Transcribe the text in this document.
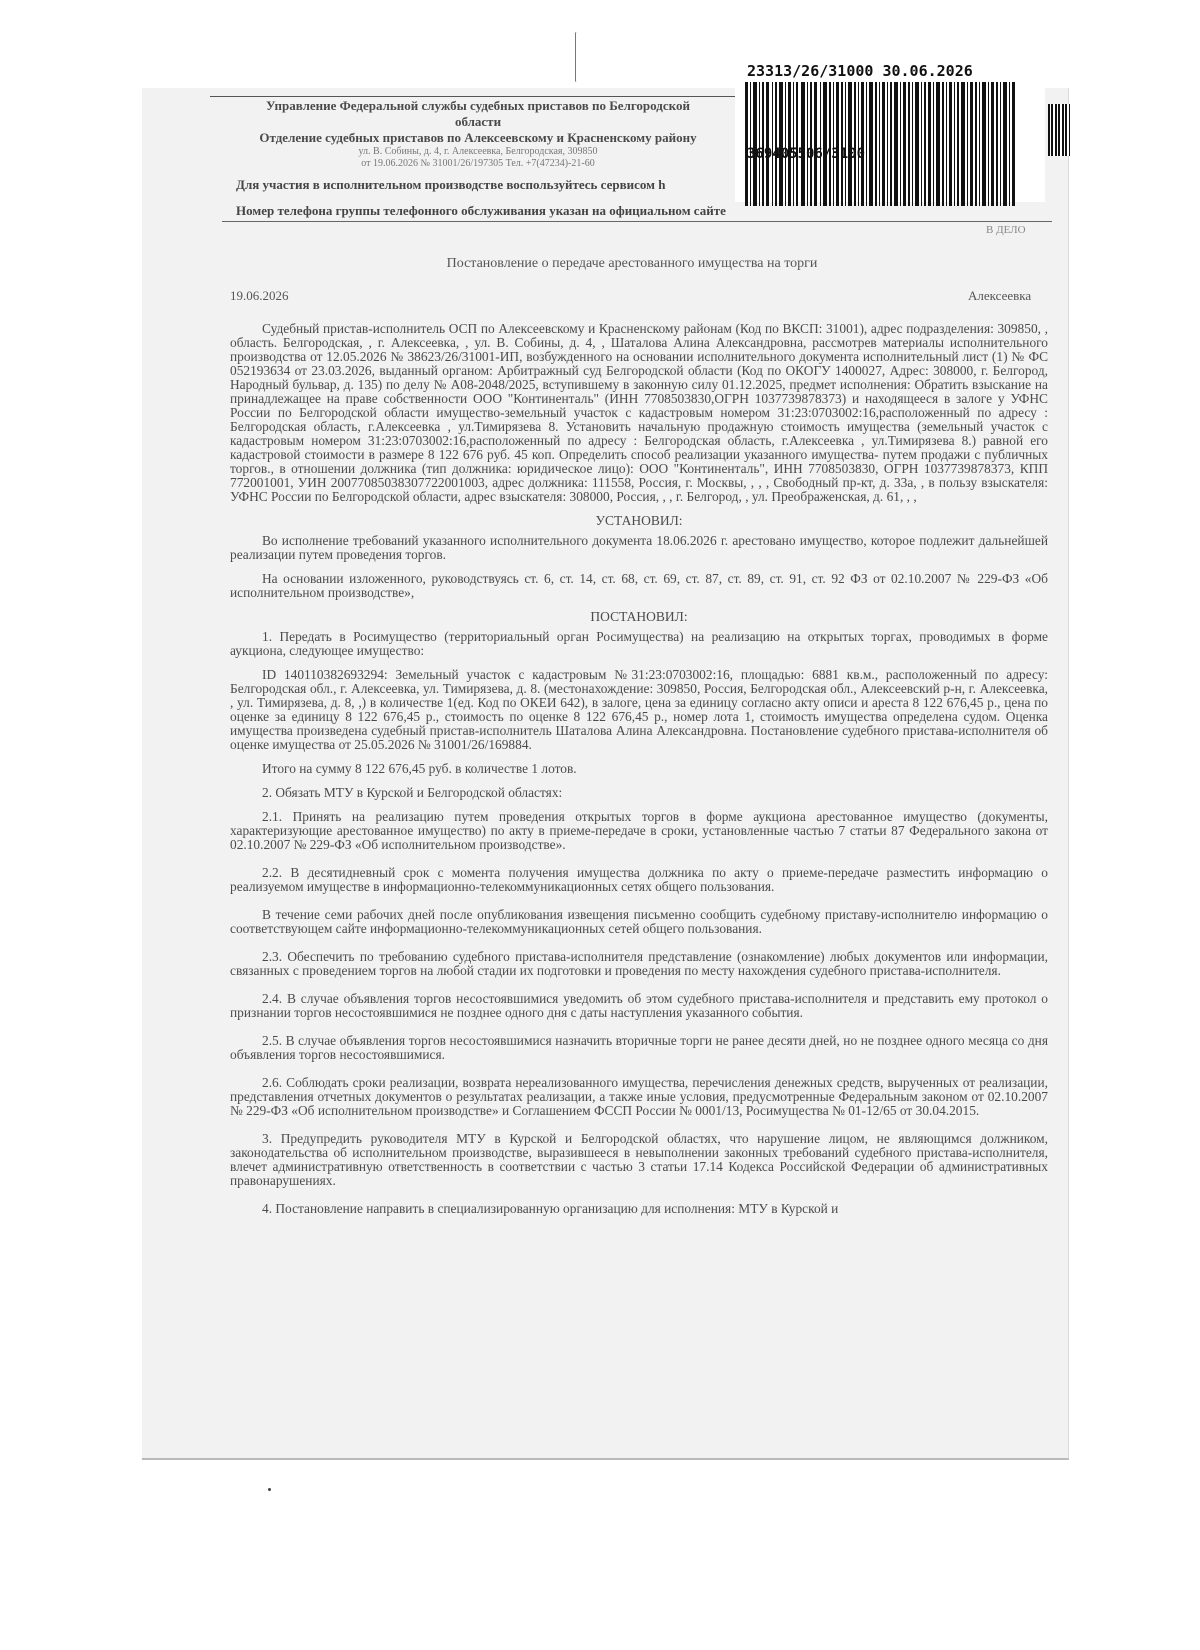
Управление Федеральной службы судебных приставов по Белгородской
области
Отделение судебных приставов по Алексеевскому и Красненскому району
ул. В. Собины, д. 4, г. Алексеевка, Белгородская, 309850
от 19.06.2026 № 31001/26/197305 Тел. +7(47234)-21-60
Для участия в исполнительном производстве воспользуйтесь сервисом h
Номер телефона группы телефонного обслуживания указан на официальном сайте
23313/26/31000 30.06.2026
369405506/3100
В ДЕЛО
Постановление о передаче арестованного имущества на торги
19.06.2026	Алексеевка

Судебный пристав-исполнитель ОСП по Алексеевскому и Красненскому районам (Код по ВКСП: 31001), адрес подразделения: 309850, , область. Белгородская, , г. Алексеевка, , ул. В. Собины, д. 4, , Шаталова Алина Александровна, рассмотрев материалы исполнительного производства от 12.05.2026 № 38623/26/31001-ИП, возбужденного на основании исполнительного документа исполнительный лист (1) № ФС 052193634 от 23.03.2026, выданный органом: Арбитражный суд Белгородской области (Код по ОКОГУ 1400027, Адрес: 308000, г. Белгород, Народный бульвар, д. 135) по делу № А08-2048/2025, вступившему в законную силу 01.12.2025, предмет исполнения: Обратить взыскание на принадлежащее на праве собственности ООО "Континенталь" (ИНН 7708503830,ОГРН 1037739878373) и находящееся в залоге у УФНС России по Белгородской области имущество-земельный участок с кадастровым номером 31:23:0703002:16,расположенный по адресу : Белгородская область, г.Алексеевка , ул.Тимирязева 8. Установить начальную продажную стоимость имущества (земельный участок с кадастровым номером 31:23:0703002:16,расположенный по адресу : Белгородская область, г.Алексеевка , ул.Тимирязева 8.) равной его кадастровой стоимости в размере 8 122 676 руб. 45 коп. Определить способ реализации указанного имущества- путем продажи с публичных торгов., в отношении должника (тип должника: юридическое лицо): ООО "Континенталь", ИНН 7708503830, ОГРН 1037739878373, КПП 772001001, УИН 20077085038307722001003, адрес должника: 111558, Россия, г. Москвы, , , , Свободный пр-кт, д. 33а, , в пользу взыскателя: УФНС России по Белгородской области, адрес взыскателя: 308000, Россия, , , г. Белгород, , ул. Преображенская, д. 61, , ,

УСТАНОВИЛ:

Во исполнение требований указанного исполнительного документа 18.06.2026 г. арестовано имущество, которое подлежит дальнейшей реализации путем проведения торгов.

На основании изложенного, руководствуясь ст. 6, ст. 14, ст. 68, ст. 69, ст. 87, ст. 89, ст. 91, ст. 92 ФЗ от 02.10.2007 № 229-ФЗ «Об исполнительном производстве»,

ПОСТАНОВИЛ:

1. Передать в Росимущество (территориальный орган Росимущества) на реализацию на открытых торгах, проводимых в форме аукциона, следующее имущество:

ID 140110382693294: Земельный участок с кадастровым №31:23:0703002:16, площадью: 6881 кв.м., расположенный по адресу: Белгородская обл., г. Алексеевка, ул. Тимирязева, д. 8. (местонахождение: 309850, Россия, Белгородская обл., Алексеевский р-н, г. Алексеевка, , ул. Тимирязева, д. 8, ,) в количестве 1(ед. Код по ОКЕИ 642), в залоге, цена за единицу согласно акту описи и ареста 8 122 676,45 р., цена по оценке за единицу 8 122 676,45 р., стоимость по оценке 8 122 676,45 р., номер лота 1, стоимость имущества определена судом. Оценка имущества произведена судебный пристав-исполнитель Шаталова Алина Александровна. Постановление судебного пристава-исполнителя об оценке имущества от 25.05.2026 № 31001/26/169884.

Итого на сумму 8 122 676,45 руб. в количестве 1 лотов.

2. Обязать МТУ в Курской и Белгородской областях:

2.1. Принять на реализацию путем проведения открытых торгов в форме аукциона арестованное имущество (документы, характеризующие арестованное имущество) по акту в приеме-передаче в сроки, установленные частью 7 статьи 87 Федерального закона от 02.10.2007 № 229-ФЗ «Об исполнительном производстве».

2.2. В десятидневный срок с момента получения имущества должника по акту о приеме-передаче разместить информацию о реализуемом имуществе в информационно-телекоммуникационных сетях общего пользования.

В течение семи рабочих дней после опубликования извещения письменно сообщить судебному приставу-исполнителю информацию о соответствующем сайте информационно-телекоммуникационных сетей общего пользования.

2.3. Обеспечить по требованию судебного пристава-исполнителя представление (ознакомление) любых документов или информации, связанных с проведением торгов на любой стадии их подготовки и проведения по месту нахождения судебного пристава-исполнителя.

2.4. В случае объявления торгов несостоявшимися уведомить об этом судебного пристава-исполнителя и представить ему протокол о признании торгов несостоявшимися не позднее одного дня с даты наступления указанного события.

2.5. В случае объявления торгов несостоявшимися назначить вторичные торги не ранее десяти дней, но не позднее одного месяца со дня объявления торгов несостоявшимися.

2.6. Соблюдать сроки реализации, возврата нереализованного имущества, перечисления денежных средств, вырученных от реализации, представления отчетных документов о результатах реализации, а также иные условия, предусмотренные Федеральным законом от 02.10.2007 № 229-ФЗ «Об исполнительном производстве» и Соглашением ФССП России № 0001/13, Росимущества № 01-12/65 от 30.04.2015.

3. Предупредить руководителя МТУ в Курской и Белгородской областях, что нарушение лицом, не являющимся должником, законодательства об исполнительном производстве, выразившееся в невыполнении законных требований судебного пристава-исполнителя, влечет административную ответственность в соответствии с частью 3 статьи 17.14 Кодекса Российской Федерации об административных правонарушениях.

4. Постановление направить в специализированную организацию для исполнения: МТУ в Курской и
